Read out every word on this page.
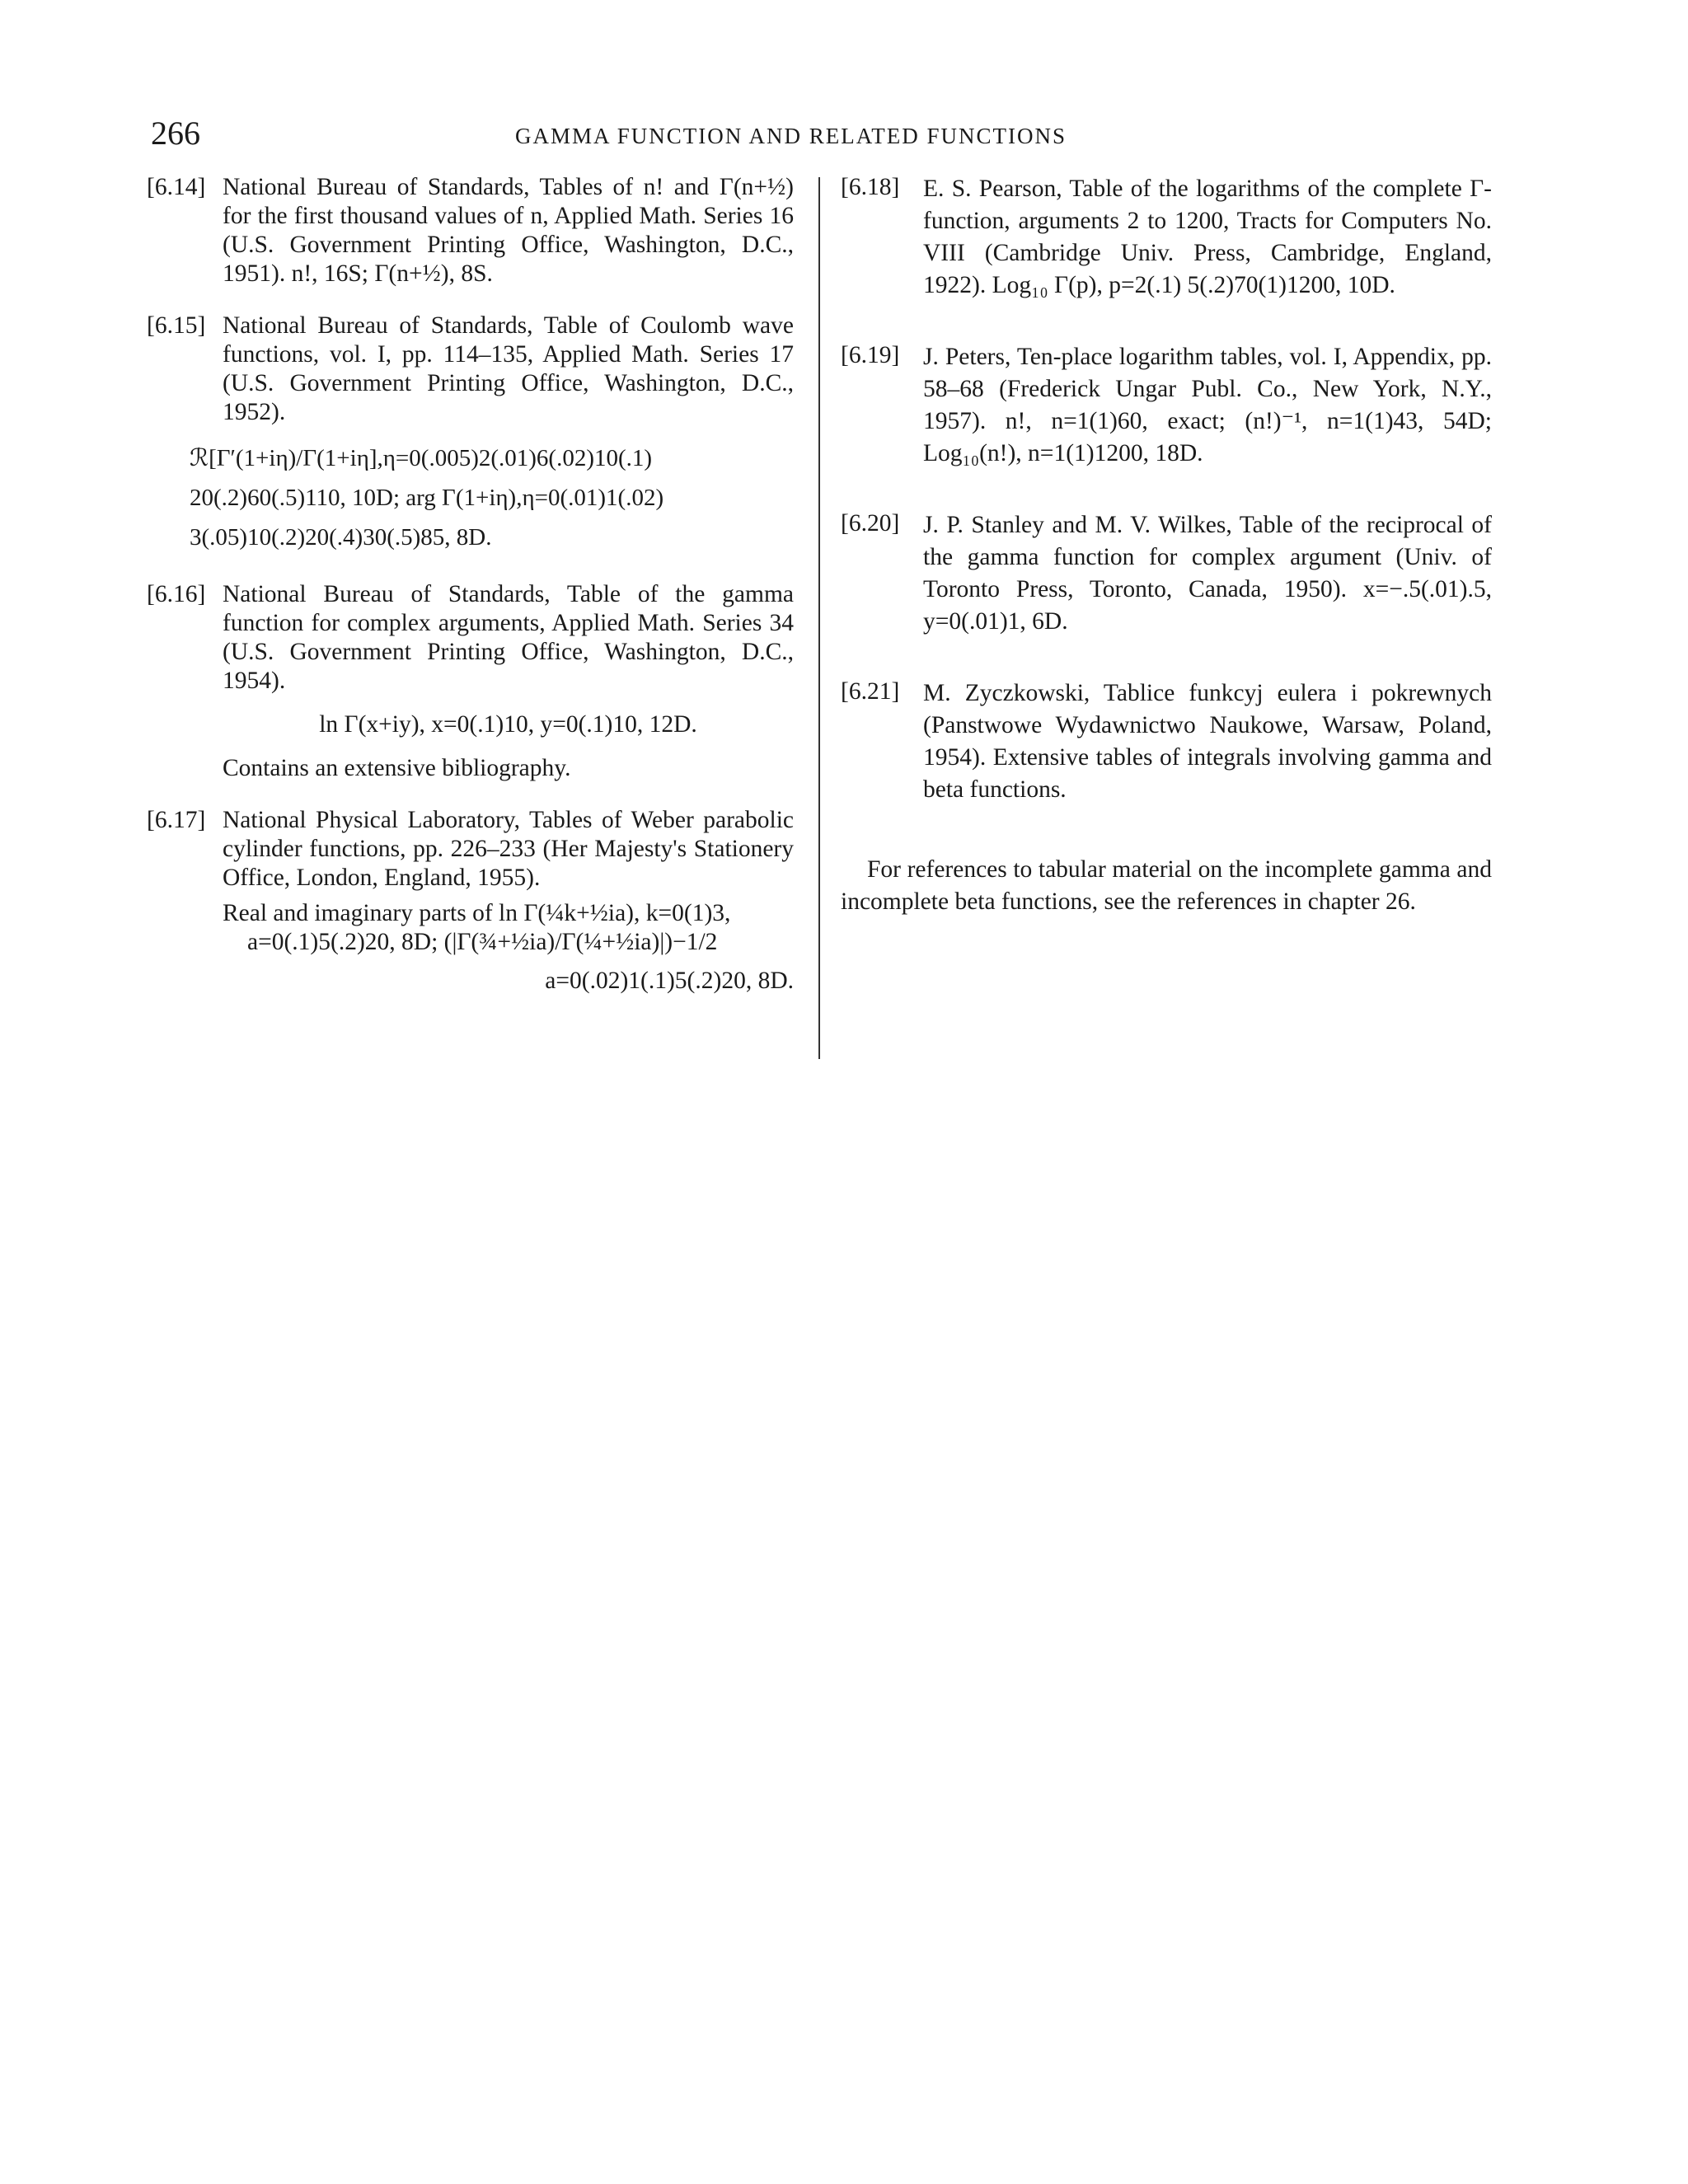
266	GAMMA FUNCTION AND RELATED FUNCTIONS
[6.14] National Bureau of Standards, Tables of n! and Γ(n+½) for the first thousand values of n, Applied Math. Series 16 (U.S. Government Printing Office, Washington, D.C., 1951). n!, 16S; Γ(n+½), 8S.
[6.15] National Bureau of Standards, Table of Coulomb wave functions, vol. I, pp. 114–135, Applied Math. Series 17 (U.S. Government Printing Office, Washington, D.C., 1952).
ℛ[Γ′(1+iη)/Γ(1+iη],η=0(.005)2(.01)6(.02)10(.1)
20(.2)60(.5)110, 10D; arg Γ(1+iη),η=0(.01)1(.02)
3(.05)10(.2)20(.4)30(.5)85, 8D.
[6.16] National Bureau of Standards, Table of the gamma function for complex arguments, Applied Math. Series 34 (U.S. Government Printing Office, Washington, D.C., 1954).
ln Γ(x+iy), x=0(.1)10, y=0(.1)10, 12D.
Contains an extensive bibliography.
[6.17] National Physical Laboratory, Tables of Weber parabolic cylinder functions, pp. 226–233 (Her Majesty's Stationery Office, London, England, 1955).
Real and imaginary parts of ln Γ(¼k+½ia), k=0(1)3,
a=0(.1)5(.2)20, 8D; (|Γ(¾+½ia)/Γ(¼+½ia)|)−1/2
a=0(.02)1(.1)5(.2)20, 8D.
[6.18] E. S. Pearson, Table of the logarithms of the complete Γ-function, arguments 2 to 1200, Tracts for Computers No. VIII (Cambridge Univ. Press, Cambridge, England, 1922). Log₁₀ Γ(p), p=2(.1) 5(.2)70(1)1200, 10D.
[6.19] J. Peters, Ten-place logarithm tables, vol. I, Appendix, pp. 58–68 (Frederick Ungar Publ. Co., New York, N.Y., 1957). n!, n=1(1)60, exact; (n!)⁻¹, n=1(1)43, 54D; Log₁₀(n!), n=1(1)1200, 18D.
[6.20] J. P. Stanley and M. V. Wilkes, Table of the reciprocal of the gamma function for complex argument (Univ. of Toronto Press, Toronto, Canada, 1950). x=−.5(.01).5, y=0(.01)1, 6D.
[6.21] M. Zyczkowski, Tablice funkcyj eulera i pokrewnych (Panstwowe Wydawnictwo Naukowe, Warsaw, Poland, 1954). Extensive tables of integrals involving gamma and beta functions.
For references to tabular material on the incomplete gamma and incomplete beta functions, see the references in chapter 26.
